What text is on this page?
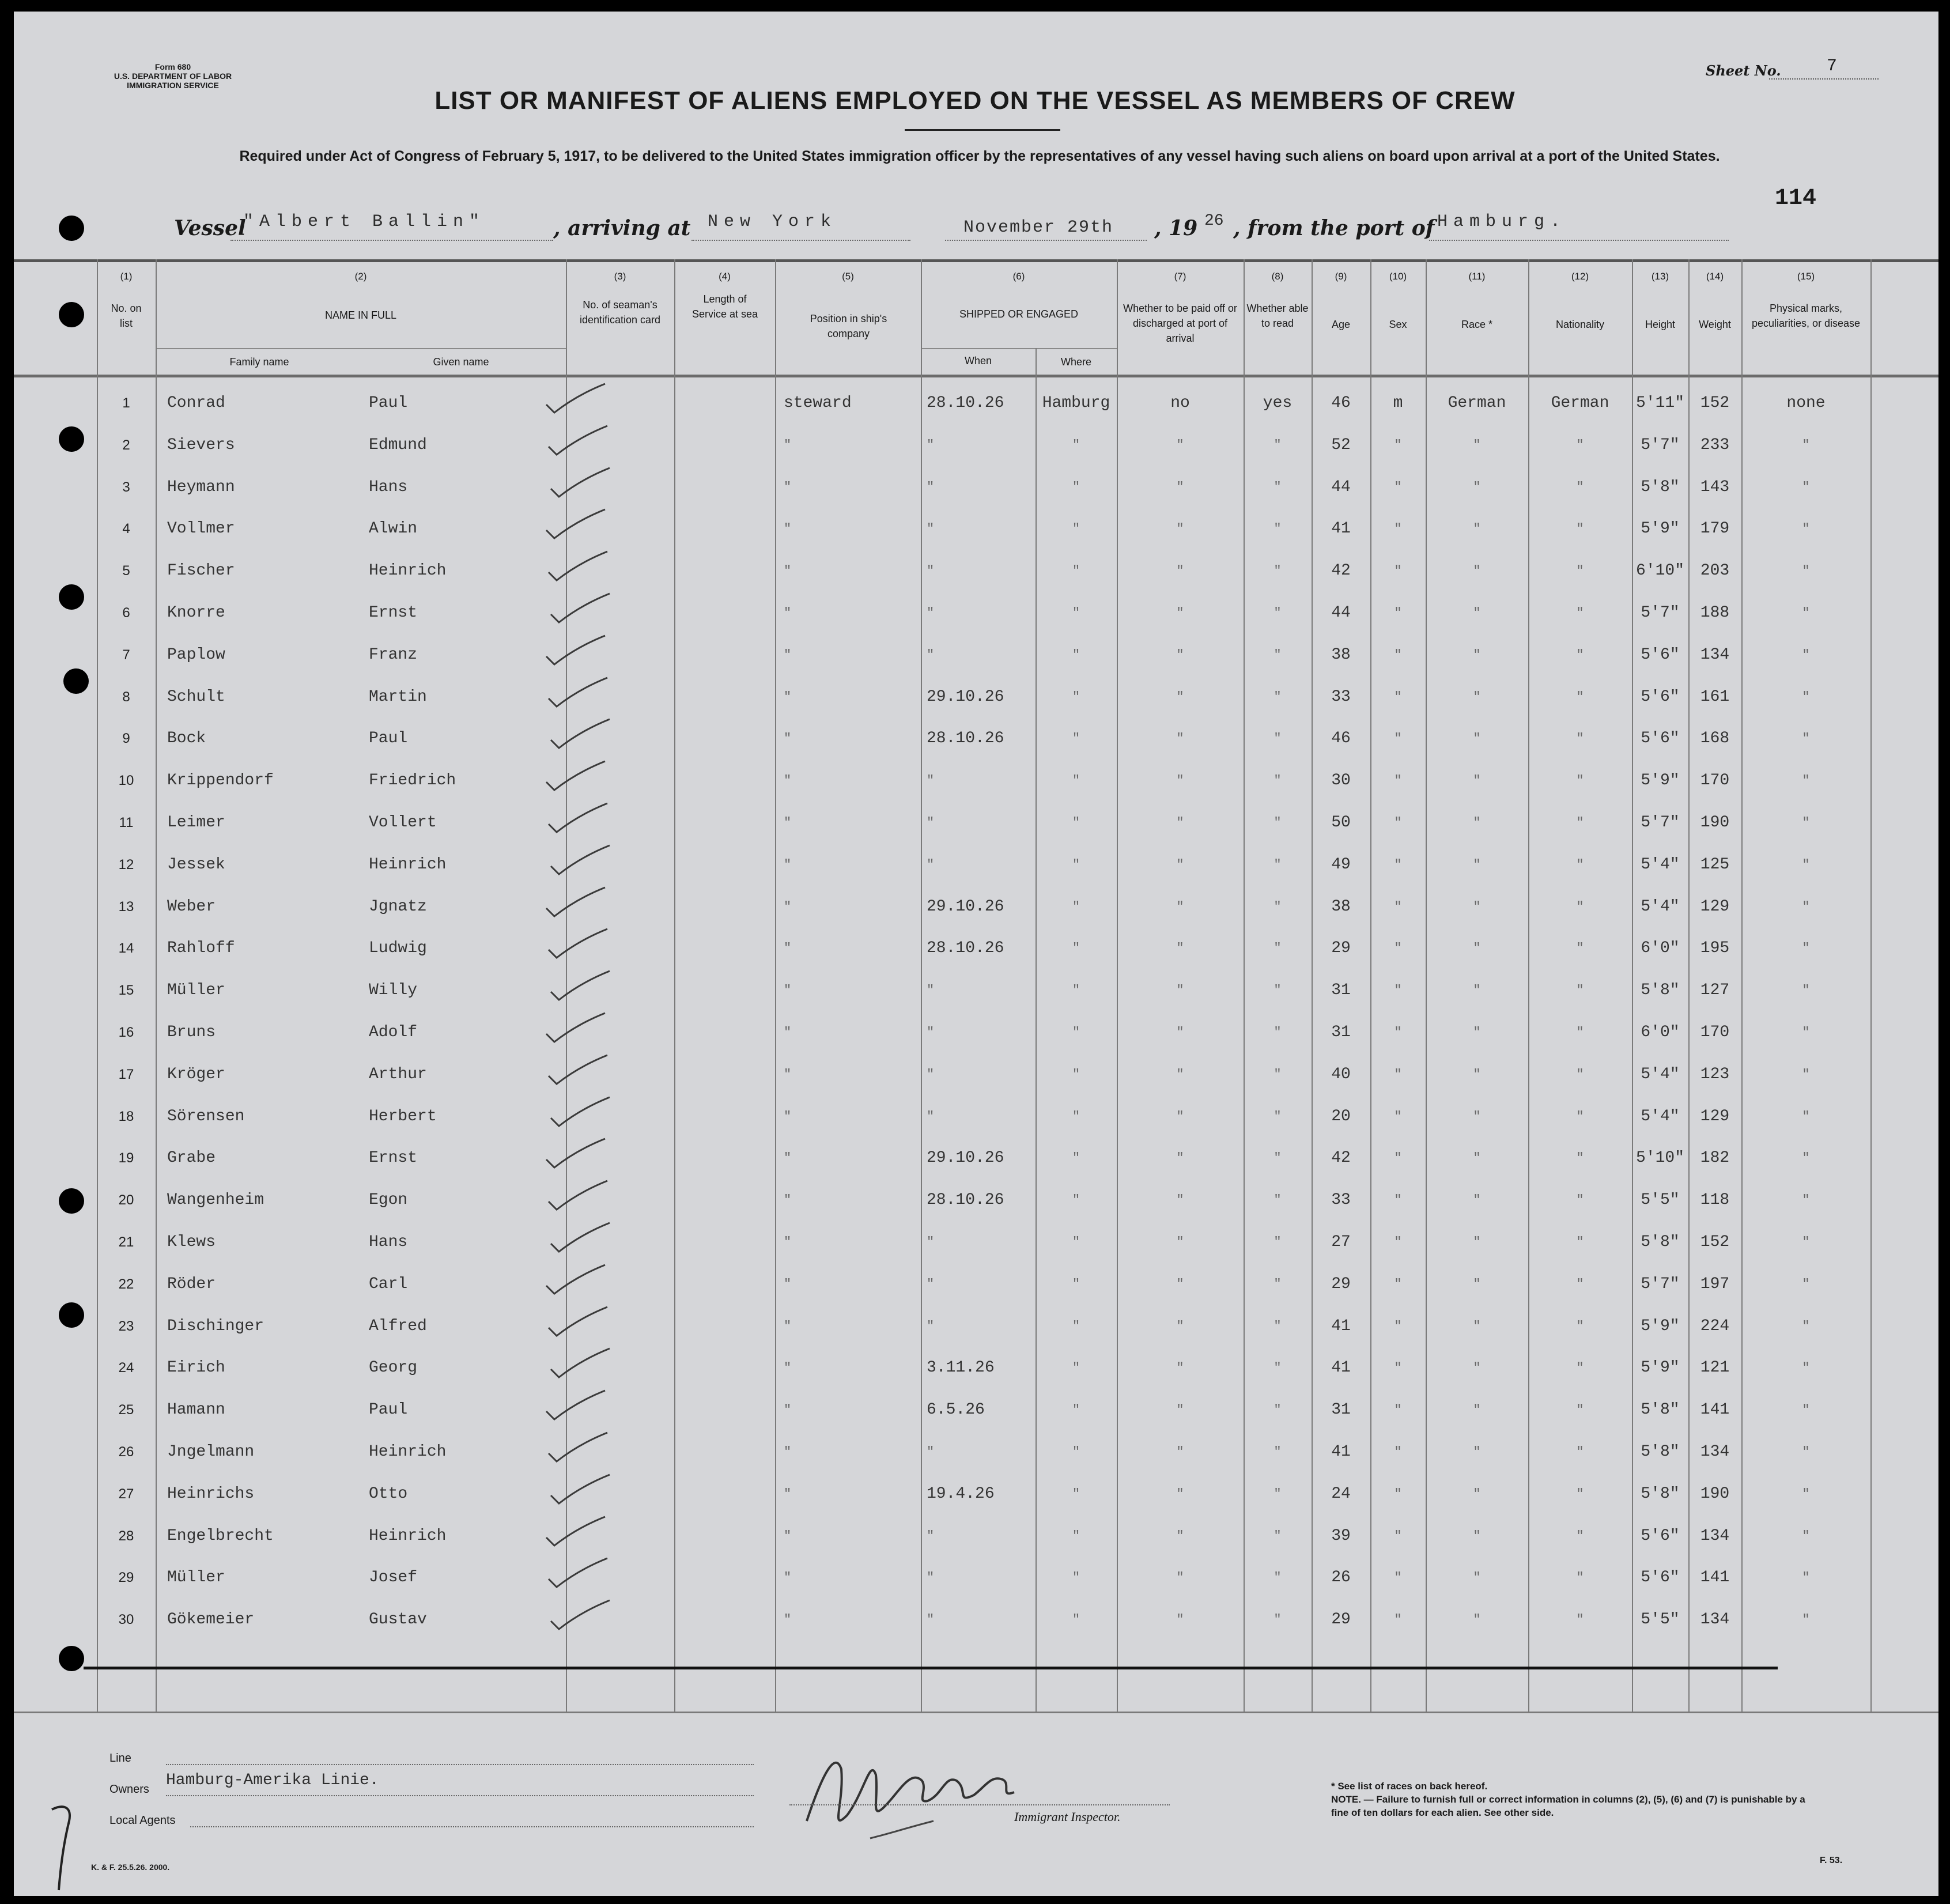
Form 680
U.S. DEPARTMENT OF LABOR
IMMIGRATION SERVICE
LIST OR MANIFEST OF ALIENS EMPLOYED ON THE VESSEL AS MEMBERS OF CREW
Required under Act of Congress of February 5, 1917, to be delivered to the United States immigration officer by the representatives of any vessel having such aliens on board upon arrival at a port of the United States.
Sheet No.	7
114
Vessel
"Albert Ballin"	, arriving at New York	November 29th , 19 26 , from the port of Hamburg.
(1)	(2)	(3)	(4)	(5)	(6)	(7)	(8)	(9)	(10)	(11)	(12)	(13)	(14)	(15)
No. on list
NAME IN FULL
Family name	Given name
No. of seaman's identification card
Length of Service at sea	Position in ship's company
SHIPPED OR ENGAGED
When	Where
Whether to be paid off or discharged at port of arrival
Whether able to read	Age	Sex	Race *	Nationality	Height	Weight
Physical marks, peculiarities, or disease
1	Conrad	Paul	steward	28.10.26	Hamburg	no	yes	46	m	German	German	5'11" 152	none
2	Sievers	Edmund	"	"	"	"	"	52	"	"	"	5'7"	233	"
3	Heymann	Hans	"	"	"	"	"	44	"	"	"	5'8"	143	"
4	Vollmer	Alwin	"	"	"	"	"	41	"	"	"	5'9"	179	"
5	Fischer	Heinrich	"	"	"	"	"	42	"	"	"	6'10" 203	"
6	Knorre	Ernst	"	"	"	"	"	44	"	"	"	5'7"	188	"
7	Paplow	Franz	"	"	"	"	"	38	"	"	"	5'6"	134	"
8	Schult	Martin	"	29.10.26	"	"	"	33	"	"	"	5'6"	161	"
9	Bock	Paul	"	28.10.26	"	"	"	46	"	"	"	5'6"	168	"
10	Krippendorf	Friedrich	"	"	"	"	"	30	"	"	"	5'9"	170	"
11	Leimer	Vollert	"	"	"	"	"	50	"	"	"	5'7"	190	"
12	Jessek	Heinrich	"	"	"	"	"	49	"	"	"	5'4"	125	"
13	Weber	Jgnatz	"	29.10.26	"	"	"	38	"	"	"	5'4"	129	"
14	Rahloff	Ludwig	"	28.10.26	"	"	"	29	"	"	"	6'0"	195	"
15	Müller	Willy	"	"	"	"	"	31	"	"	"	5'8"	127	"
16	Bruns	Adolf	"	"	"	"	"	31	"	"	"	6'0"	170	"
17	Kröger	Arthur	"	"	"	"	"	40	"	"	"	5'4"	123	"
18	Sörensen	Herbert	"	"	"	"	"	20	"	"	"	5'4"	129	"
19	Grabe	Ernst	"	29.10.26	"	"	"	42	"	"	"	5'10" 182	"
20	Wangenheim	Egon	"	28.10.26	"	"	"	33	"	"	"	5'5"	118	"
21	Klews	Hans	"	"	"	"	"	27	"	"	"	5'8"	152	"
22	Röder	Carl	"	"	"	"	"	29	"	"	"	5'7"	197	"
23	Dischinger	Alfred	"	"	"	"	"	41	"	"	"	5'9"	224	"
24	Eirich	Georg	"	3.11.26	"	"	"	41	"	"	"	5'9"	121	"
25	Hamann	Paul	"	6.5.26	"	"	"	31	"	"	"	5'8"	141	"
26	Jngelmann	Heinrich	"	"	"	"	"	41	"	"	"	5'8"	134	"
27	Heinrichs	Otto	"	19.4.26	"	"	"	24	"	"	"	5'8"	190	"
28	Engelbrecht	Heinrich	"	"	"	"	"	39	"	"	"	5'6"	134	"
29	Müller	Josef	"	"	"	"	"	26	"	"	"	5'6"	141	"
30	Gökemeier	Gustav	"	"	"	"	"	29	"	"	"	5'5"	134	"
Line
Owners Hamburg-Amerika Linie.
Local Agents	Immigrant Inspector.
* See list of races on back hereof.
NOTE. — Failure to furnish full or correct information in columns (2), (5), (6) and (7) is punishable by a fine of ten dollars for each alien. See other side.
K. & F. 25.5.26. 2000.
F. 53.
